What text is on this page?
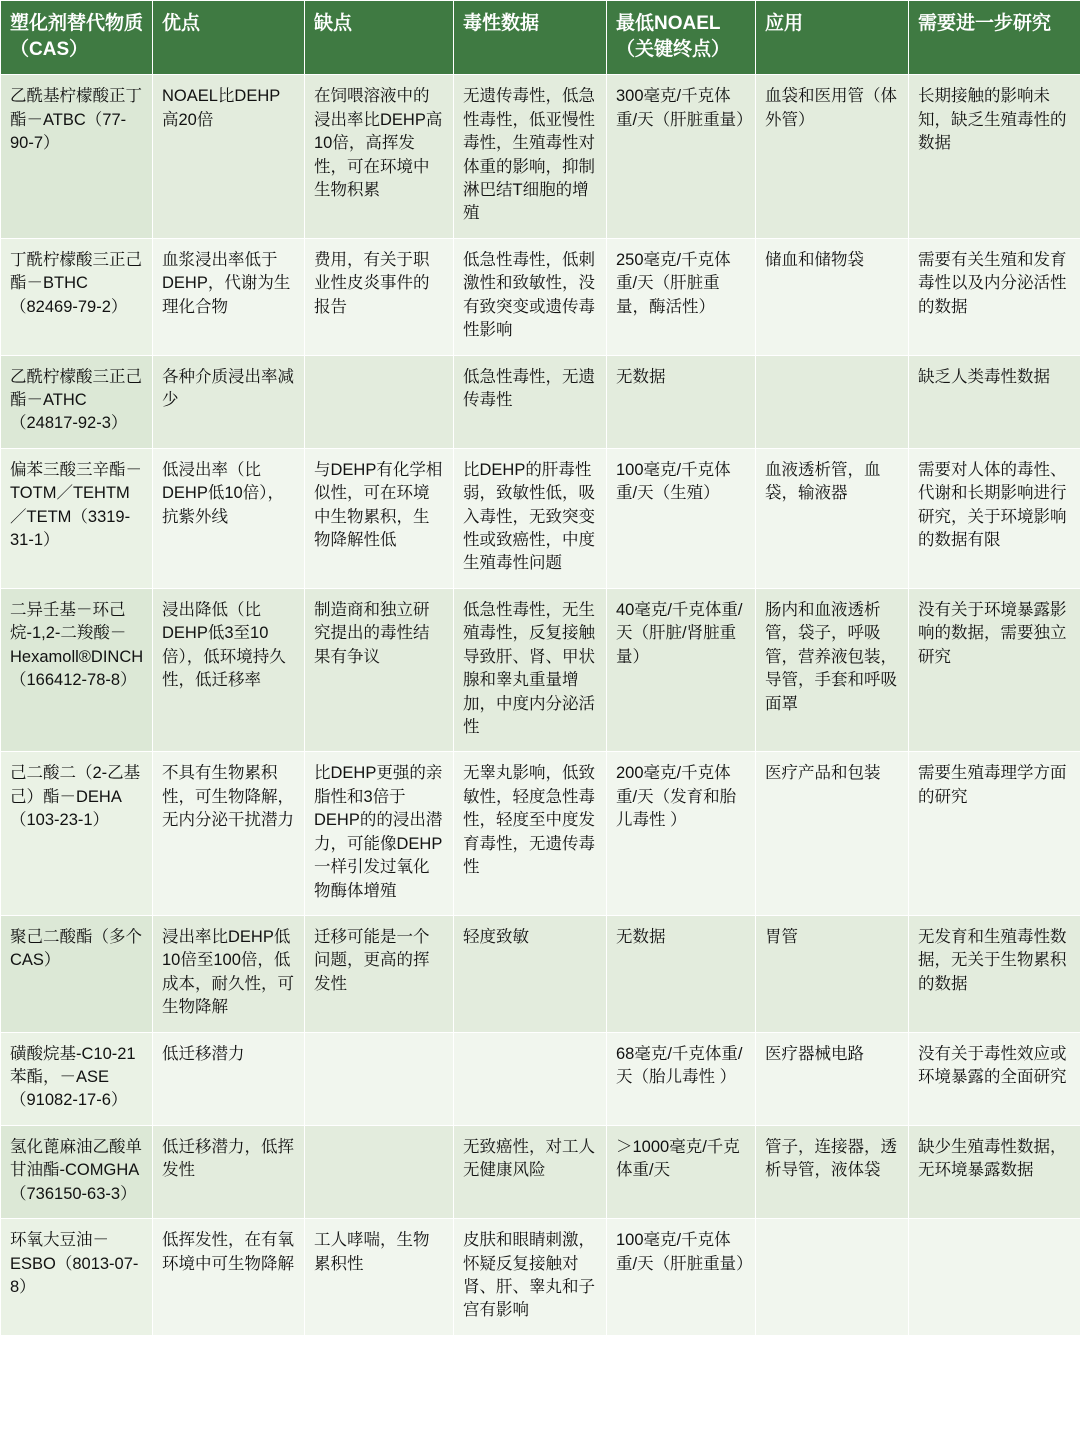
塑化剂替代物质（CAS）	优点	缺点	毒性数据	最低NOAEL（关键终点）	应用	需要进一步研究
乙酰基柠檬酸正丁酯－ATBC（77-90-7）	NOAEL比DEHP高20倍	在饲喂溶液中的浸出率比DEHP高10倍，高挥发性，可在环境中生物积累	无遗传毒性，低急性毒性，低亚慢性毒性，生殖毒性对体重的影响，抑制淋巴结T细胞的增殖	300毫克/千克体重/天（肝脏重量）	血袋和医用管（体外管）	长期接触的影响未知，缺乏生殖毒性的数据
丁酰柠檬酸三正己酯－BTHC（82469-79-2）	血浆浸出率低于DEHP，代谢为生理化合物	费用，有关于职业性皮炎事件的报告	低急性毒性，低刺激性和致敏性，没有致突变或遗传毒性影响	250毫克/千克体重/天（肝脏重量，酶活性）	储血和储物袋	需要有关生殖和发育毒性以及内分泌活性的数据
乙酰柠檬酸三正己酯－ATHC（24817-92-3）	各种介质浸出率减少		低急性毒性，无遗传毒性	无数据		缺乏人类毒性数据
偏苯三酸三辛酯－TOTM／TEHTM／TETM（3319-31-1）	低浸出率（比DEHP低10倍），抗紫外线	与DEHP有化学相似性，可在环境中生物累积，生物降解性低	比DEHP的肝毒性弱，致敏性低，吸入毒性，无致突变性或致癌性，中度生殖毒性问题	100毫克/千克体重/天（生殖）	血液透析管，血袋，输液器	需要对人体的毒性、代谢和长期影响进行研究，关于环境影响的数据有限
二异壬基－环己烷-1,2-二羧酸－Hexamoll®DINCH（166412-78-8）	浸出降低（比DEHP低3至10倍），低环境持久性，低迁移率	制造商和独立研究提出的毒性结果有争议	低急性毒性，无生殖毒性，反复接触导致肝、肾、甲状腺和睾丸重量增加，中度内分泌活性	40毫克/千克体重/天（肝脏/肾脏重量）	肠内和血液透析管，袋子，呼吸管，营养液包装，导管，手套和呼吸面罩	没有关于环境暴露影响的数据，需要独立研究
己二酸二（2-乙基己）酯－DEHA（103-23-1）	不具有生物累积性，可生物降解，无内分泌干扰潜力	比DEHP更强的亲脂性和3倍于DEHP的的浸出潜力，可能像DEHP一样引发过氧化物酶体增殖	无睾丸影响，低致敏性，轻度急性毒性，轻度至中度发育毒性，无遗传毒性	200毫克/千克体重/天（发育和胎儿毒性 ）	医疗产品和包装	需要生殖毒理学方面的研究
聚己二酸酯（多个CAS）	浸出率比DEHP低10倍至100倍，低成本，耐久性，可生物降解	迁移可能是一个问题，更高的挥发性	轻度致敏	无数据	胃管	无发育和生殖毒性数据，无关于生物累积的数据
磺酸烷基-C10-21苯酯，－ASE（91082-17-6）	低迁移潜力			68毫克/千克体重/天（胎儿毒性 ）	医疗器械电路	没有关于毒性效应或环境暴露的全面研究
氢化蓖麻油乙酸单甘油酯-COMGHA（736150-63-3）	低迁移潜力，低挥发性		无致癌性，对工人无健康风险	＞1000毫克/千克体重/天	管子，连接器，透析导管，液体袋	缺少生殖毒性数据，无环境暴露数据
环氧大豆油－ESBO（8013-07-8）	低挥发性，在有氧环境中可生物降解	工人哮喘，生物累积性	皮肤和眼睛刺激，怀疑反复接触对肾、肝、睾丸和子宫有影响	100毫克/千克体重/天（肝脏重量）		
